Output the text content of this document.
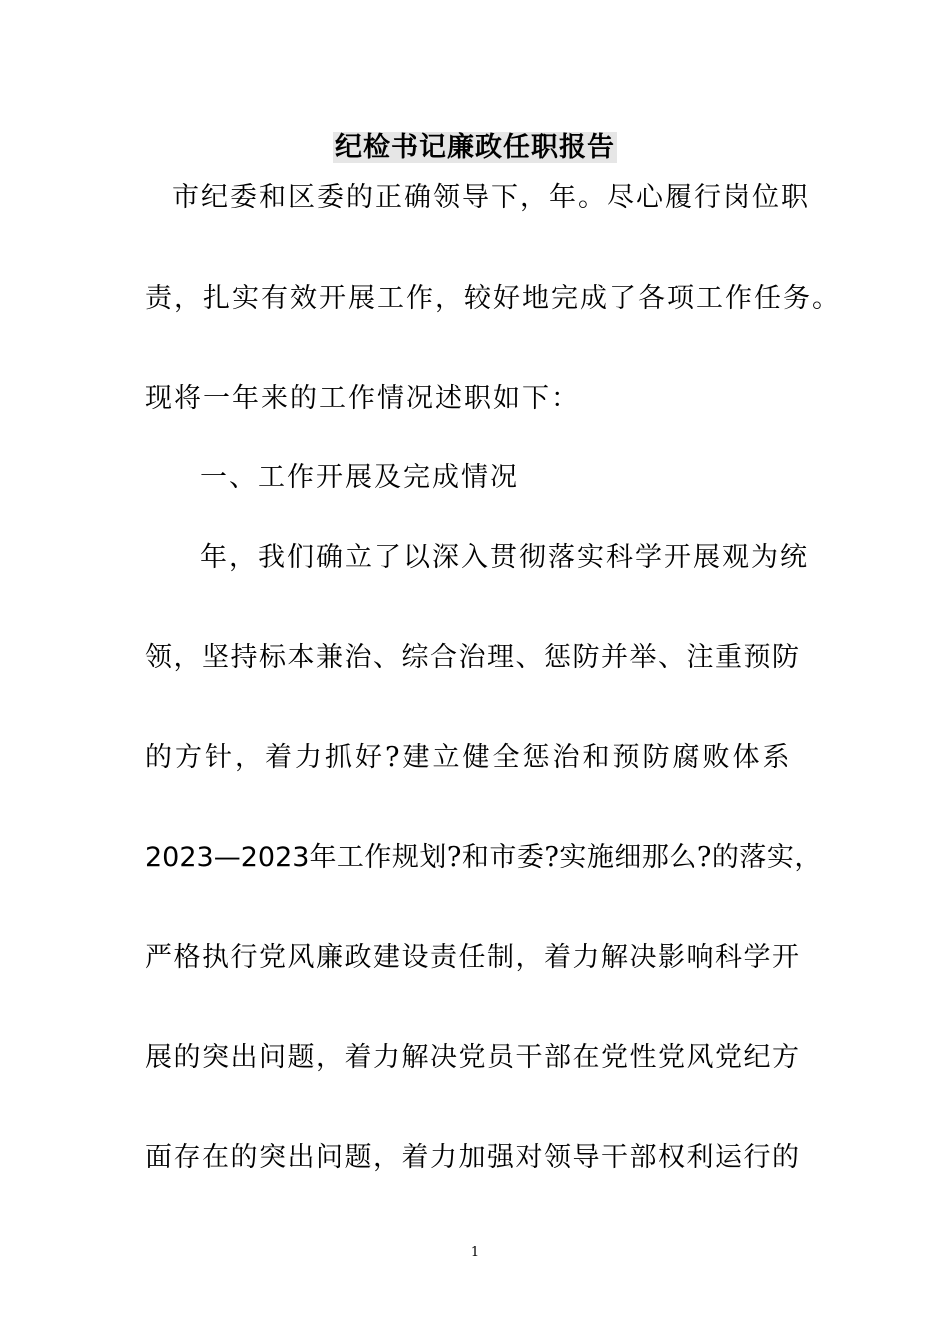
纪检书记廉政任职报告
市纪委和区委的正确领导下，年。尽心履行岗位职
责，扎实有效开展工作，较好地完成了各项工作任务。
现将一年来的工作情况述职如下：
一、工作开展及完成情况
年，我们确立了以深入贯彻落实科学开展观为统
领，坚持标本兼治、综合治理、惩防并举、注重预防
的方针，着力抓好?建立健全惩治和预防腐败体系
2023—2023年工作规划?和市委?实施细那么?的落实，
严格执行党风廉政建设责任制，着力解决影响科学开
展的突出问题，着力解决党员干部在党性党风党纪方
面存在的突出问题，着力加强对领导干部权利运行的
1
